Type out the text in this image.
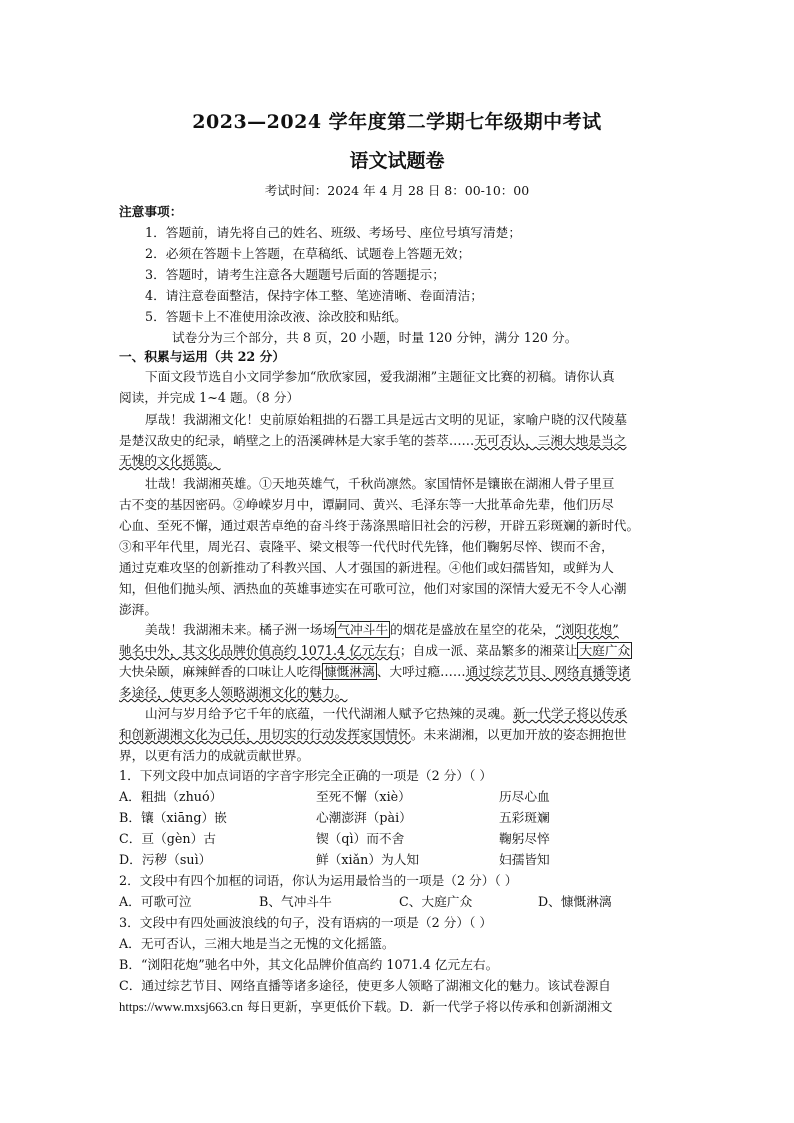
2023—2024 学年度第二学期七年级期中考试
语文试题卷
考试时间：2024 年 4 月 28 日 8：00-10：00
注意事项：
1．答题前，请先将自己的姓名、班级、考场号、座位号填写清楚；
2．必须在答题卡上答题，在草稿纸、试题卷上答题无效；
3．答题时，请考生注意各大题题号后面的答题提示；
4．请注意卷面整洁，保持字体工整、笔迹清晰、卷面清洁；
5．答题卡上不准使用涂改液、涂改胶和贴纸。
试卷分为三个部分，共 8 页，20 小题，时量 120 分钟，满分 120 分。
一、积累与运用（共 22 分）
下面文段节选自小文同学参加“欣欣家园，爱我湖湘”主题征文比赛的初稿。请你认真
阅读，并完成 1~4 题。（8 分）
厚哉！我湖湘文化！史前原始粗拙的石器工具是远古文明的见证，家喻户晓的汉代陵墓
是楚汉敌史的纪录，峭壁之上的浯溪碑林是大家手笔的荟萃……无可否认，三湘大地是当之
无愧的文化摇篮。
壮哉！我湖湘英雄。①天地英雄气，千秋尚凛然。家国情怀是镶嵌在湖湘人骨子里亘
古不变的基因密码。②峥嵘岁月中，谭嗣同、黄兴、毛泽东等一大批革命先辈，他们历尽
心血、至死不懈，通过艰苦卓绝的奋斗终于荡涤黑暗旧社会的污秽，开辟五彩斑斓的新时代。
③和平年代里，周光召、袁隆平、梁文根等一代代时代先锋，他们鞠躬尽悴、锲而不舍，
通过克难攻坚的创新推动了科教兴国、人才强国的新进程。④他们或妇孺皆知，或鲜为人
知，但他们抛头颅、洒热血的英雄事迹实在可歌可泣，他们对家国的深情大爱无不令人心潮
澎湃。
美哉！我湖湘未来。橘子洲一场场 气冲斗牛 的烟花是盛放在星空的花朵，“浏阳花炮”
驰名中外，其文化品牌价值高约 1071.4 亿元左右；自成一派、菜品繁多的湘菜让 大庭广众
大快朵颐，麻辣鲜香的口味让人吃得 慷慨淋漓 、大呼过瘾……通过综艺节目、网络直播等诸
多途径，使更多人领略湖湘文化的魅力。
山河与岁月给予它千年的底蕴，一代代湖湘人赋予它热辣的灵魂。新一代学子将以传承
和创新湖湘文化为己任，用切实的行动发挥家国情怀。未来湖湘，以更加开放的姿态拥抱世
界，以更有活力的成就贡献世界。
1．下列文段中加点词语的字音字形完全正确的一项是（2 分）（ ）
A．粗拙（zhuó）	至死不懈（xiè）	历尽心血
B．镶（xiāng）嵌	心潮澎湃（pài）	五彩斑斓
C．亘（gèn）古	锲（qì）而不舍	鞠躬尽悴
D．污秽（suì）	鲜（xiǎn）为人知	妇孺皆知
2．文段中有四个加框的词语，你认为运用最恰当的一项是（2 分）（ ）
A．可歌可泣	B、气冲斗牛	C、大庭广众	D、慷慨淋漓
3．文段中有四处画波浪线的句子，没有语病的一项是（2 分）（ ）
A．无可否认，三湘大地是当之无愧的文化摇篮。
B．“浏阳花炮”驰名中外，其文化品牌价值高约 1071.4 亿元左右。
C．通过综艺节目、网络直播等诸多途径，使更多人领略了湖湘文化的魅力。该试卷源自
https://www.mxsj663.cn 每日更新，享更低价下载。D．新一代学子将以传承和创新湖湘文
